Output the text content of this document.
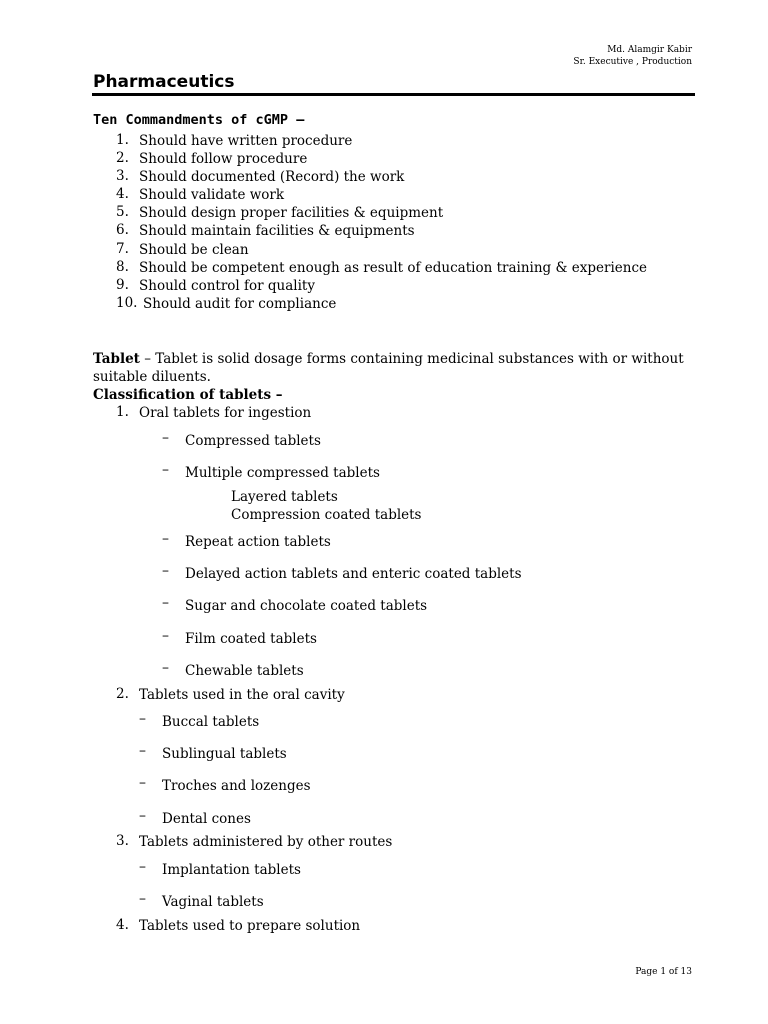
Md. Alamgir Kabir
Sr. Executive , Production
Pharmaceutics
Ten Commandments of cGMP –
1. Should have written procedure
2. Should follow procedure
3. Should documented (Record) the work
4. Should validate work
5. Should design proper facilities & equipment
6. Should maintain facilities & equipments
7. Should be clean
8. Should be competent enough as result of education training & experience
9. Should control for quality
10. Should audit for compliance
Tablet – Tablet is solid dosage forms containing medicinal substances with or without
suitable diluents.
Classification of tablets –
1. Oral tablets for ingestion
– Compressed tablets
– Multiple compressed tablets
Layered tablets
Compression coated tablets
– Repeat action tablets
– Delayed action tablets and enteric coated tablets
– Sugar and chocolate coated tablets
– Film coated tablets
– Chewable tablets
2. Tablets used in the oral cavity
– Buccal tablets
– Sublingual tablets
– Troches and lozenges
– Dental cones
3. Tablets administered by other routes
– Implantation tablets
– Vaginal tablets
4. Tablets used to prepare solution
Page 1 of 13
